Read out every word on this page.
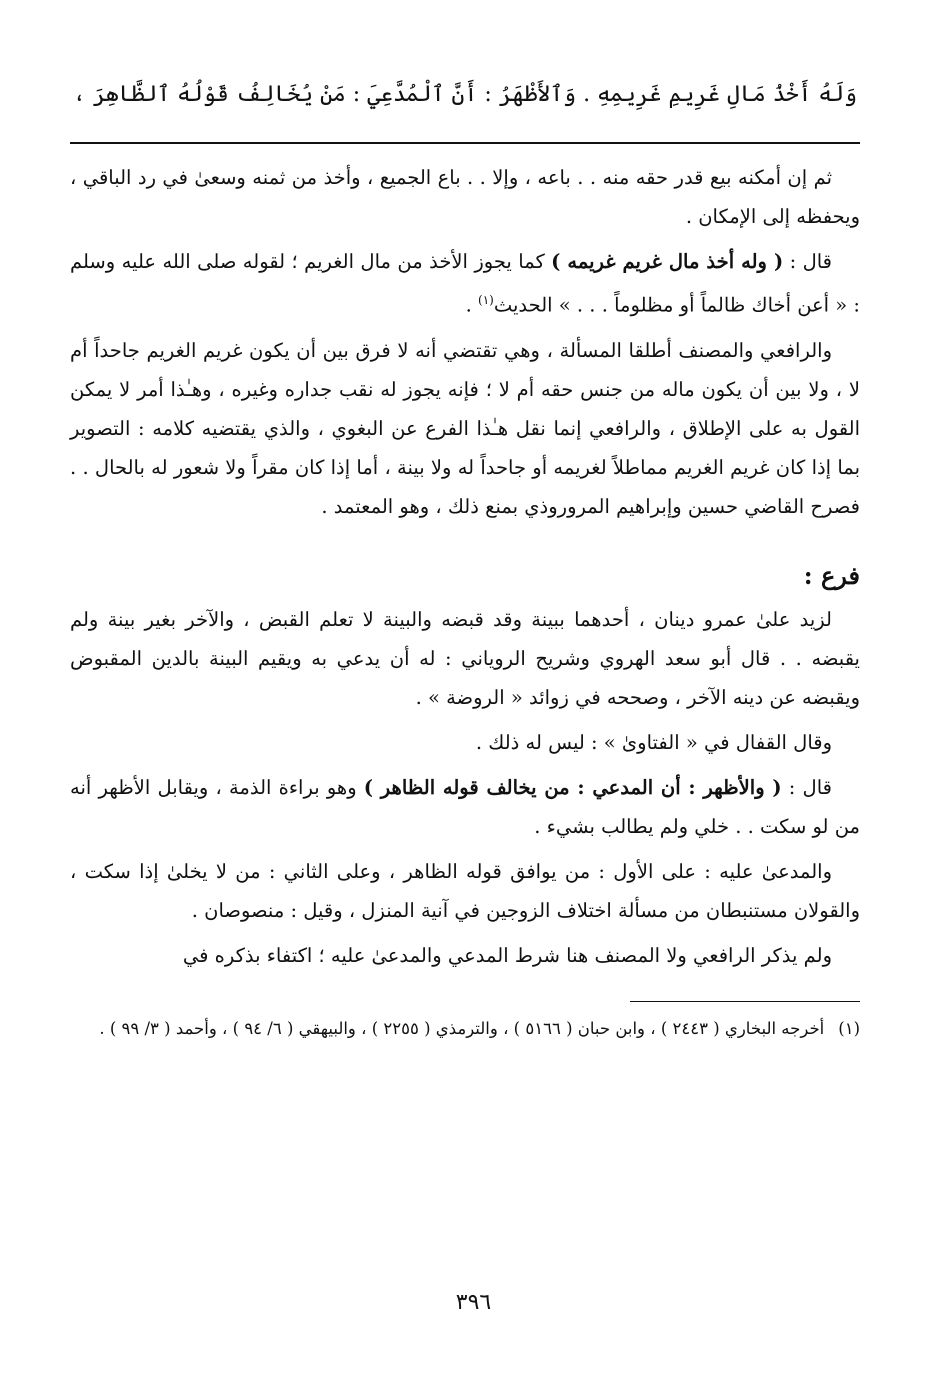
وَلَهُ أَخْذُ مَالِ غَرِيمِ غَرِيمِهِ . وَٱلأَظْهَرُ : أَنَّ ٱلْمُدَّعِيَ : مَنْ يُخَالِفُ قَوْلُهُ ٱلظَّاهِرَ ،

ثم إن أمكنه بيع قدر حقه منه . . باعه ، وإلا . . باع الجميع ، وأخذ من ثمنه وسعىٰ في رد الباقي ، ويحفظه إلى الإمكان .

قال : ( وله أخذ مال غريم غريمه ) كما يجوز الأخذ من مال الغريم ؛ لقوله صلى الله عليه وسلم : « أعن أخاك ظالماً أو مظلوماً . . . » الحديث$^{(١)}$ .

والرافعي والمصنف أطلقا المسألة ، وهي تقتضي أنه لا فرق بين أن يكون غريم الغريم جاحداً أم لا ، ولا بين أن يكون ماله من جنس حقه أم لا ؛ فإنه يجوز له نقب جداره وغيره ، وهـٰذا أمر لا يمكن القول به على الإطلاق ، والرافعي إنما نقل هـٰذا الفرع عن البغوي ، والذي يقتضيه كلامه : التصوير بما إذا كان غريم الغريم مماطلاً لغريمه أو جاحداً له ولا بينة ، أما إذا كان مقراً ولا شعور له بالحال . . فصرح القاضي حسين وإبراهيم المروروذي بمنع ذلك ، وهو المعتمد .

فرع :

لزيد علىٰ عمرو دينان ، أحدهما ببينة وقد قبضه والبينة لا تعلم القبض ، والآخر بغير بينة ولم يقبضه . . قال أبو سعد الهروي وشريح الروياني : له أن يدعي به ويقيم البينة بالدين المقبوض ويقبضه عن دينه الآخر ، وصححه في زوائد « الروضة » .

وقال القفال في « الفتاوىٰ » : ليس له ذلك .

قال : ( والأظهر : أن المدعي : من يخالف قوله الظاهر ) وهو براءة الذمة ، ويقابل الأظهر أنه من لو سكت . . خلي ولم يطالب بشيء .

والمدعىٰ عليه : على الأول : من يوافق قوله الظاهر ، وعلى الثاني : من لا يخلىٰ إذا سكت ، والقولان مستنبطان من مسألة اختلاف الزوجين في آنية المنزل ، وقيل : منصوصان .

ولم يذكر الرافعي ولا المصنف هنا شرط المدعي والمدعىٰ عليه ؛ اكتفاء بذكره في

(١)أخرجه البخاري ( ٢٤٤٣ ) ، وابن حبان ( ٥١٦٦ ) ، والترمذي ( ٢٢٥٥ ) ، والبيهقي ( ٦/ ٩٤ ) ، وأحمد ( ٣/ ٩٩ ) .

٣٩٦
